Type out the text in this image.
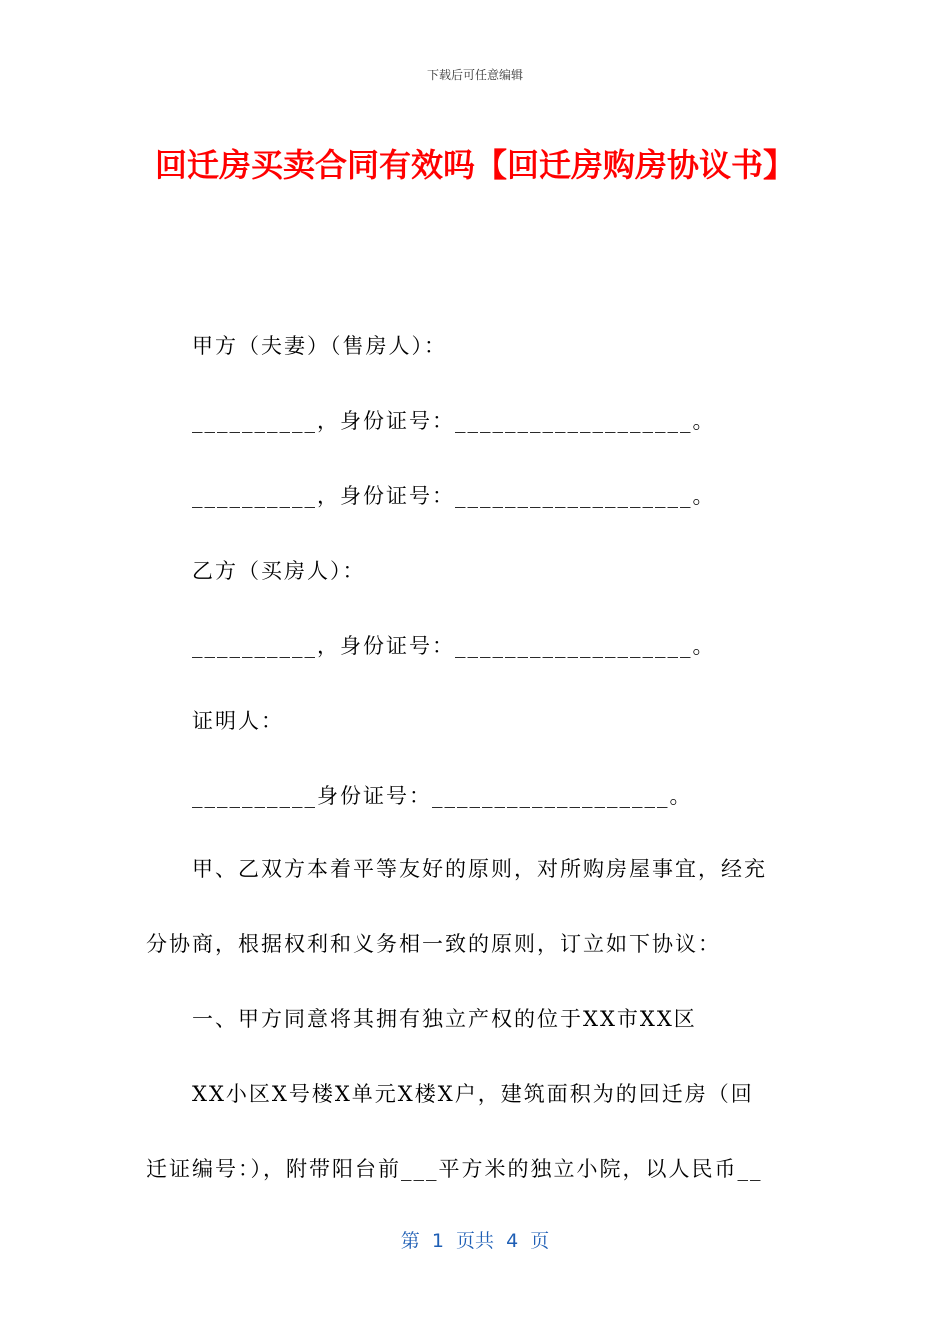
下载后可任意编辑
回迁房买卖合同有效吗【回迁房购房协议书】
甲方（夫妻）（售房人）：
__________，身份证号：___________________。
__________，身份证号：___________________。
乙方（买房人）：
__________，身份证号：___________________。
证明人：
__________身份证号：___________________。
甲、乙双方本着平等友好的原则，对所购房屋事宜，经充
分协商，根据权利和义务相一致的原则，订立如下协议：
一、甲方同意将其拥有独立产权的位于XX市XX区
XX小区X号楼X单元X楼X户，建筑面积为的回迁房（回
迁证编号：），附带阳台前___平方米的独立小院，以人民币__
第  1  页共  4  页
